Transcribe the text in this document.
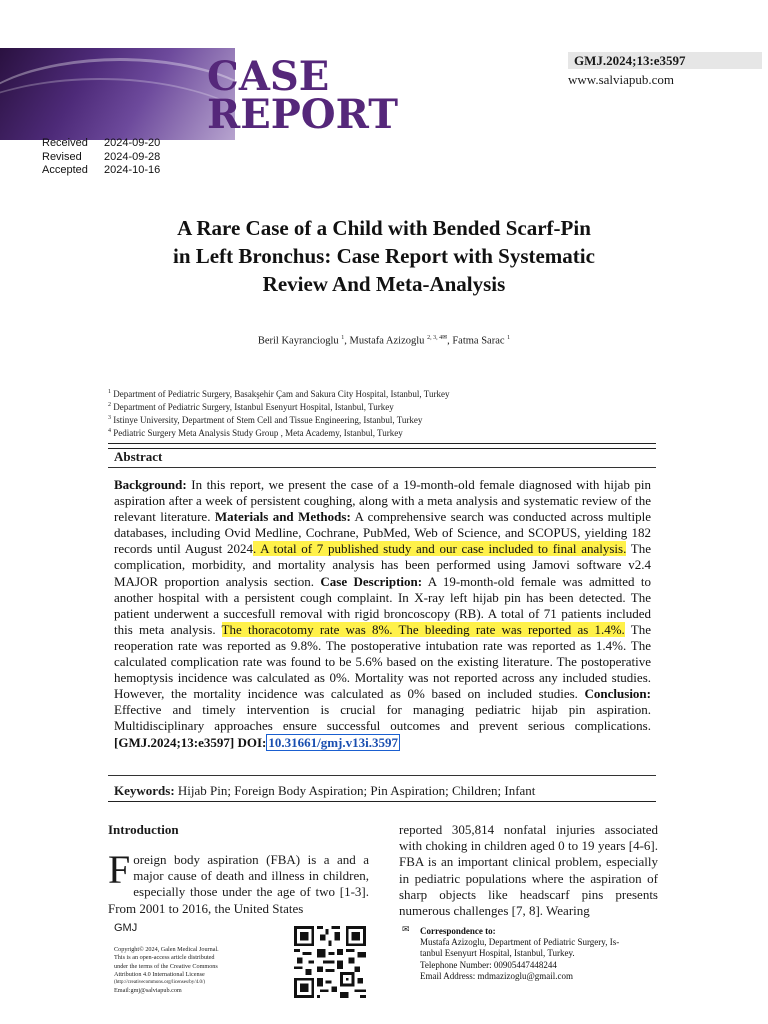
CASE
REPORT
GMJ.2024;13:e3597
www.salviapub.com
Received	2024-09-20
Revised	2024-09-28
Accepted	2024-10-16
A Rare Case of a Child with Bended Scarf-Pin
in Left Bronchus: Case Report with Systematic
Review And Meta-Analysis
Beril Kayrancioglu $^1$, Mustafa Azizoglu $^{2, 3, 4✉}$, Fatma Sarac $^1$
$^1$ Department of Pediatric Surgery, Basakşehir Çam and Sakura City Hospital, Istanbul, Turkey
$^2$ Department of Pediatric Surgery, Istanbul Esenyurt Hospital, Istanbul, Turkey
$^3$ Istinye University, Department of Stem Cell and Tissue Engineering, Istanbul, Turkey
$^4$ Pediatric Surgery Meta Analysis Study Group , Meta Academy, Istanbul, Turkey
Abstract
Background: In this report, we present the case of a 19-month-old female diagnosed with hijab pin aspiration after a week of persistent coughing, along with a meta analysis and systematic review of the relevant literature. Materials and Methods: A comprehensive search was conducted across multiple databases, including Ovid Medline, Cochrane, PubMed, Web of Science, and SCOPUS, yielding 182 records until August 2024. A total of 7 published study and our case included to final analysis. The complication, morbidity, and mortality analysis has been performed using Jamovi software v2.4 MAJOR proportion analysis section. Case Description: A 19-month-old female was admitted to another hospital with a persistent cough complaint. In X-ray left hijab pin has been detected. The patient underwent a succesfull removal with rigid broncoscopy (RB). A total of 71 patients included this meta analysis. The thoracotomy rate was 8%. The bleeding rate was reported as 1.4%. The reoperation rate was reported as 9.8%. The postoperative intubation rate was reported as 1.4%. The calculated complication rate was found to be 5.6% based on the existing literature. The postoperative hemoptysis incidence was calculated as 0%. Mortality was not reported across any included studies. However, the mortality incidence was calculated as 0% based on included studies. Conclusion: Effective and timely intervention is crucial for managing pediatric hijab pin aspiration. Multidisciplinary approaches ensure successful outcomes and prevent serious complications.[GMJ.2024;13:e3597] DOI: 10.31661/gmj.v13i.3597
Keywords: Hijab Pin; Foreign Body Aspiration; Pin Aspiration; Children; Infant
Introduction
Foreign body aspiration (FBA) is a and a major cause of death and illness in children, especially those under the age of two [1-3]. From 2001 to 2016, the United States
reported 305,814 nonfatal injuries associated with choking in children aged 0 to 19 years [4-6]. FBA is an important clinical problem, especially in pediatric populations where the aspiration of sharp objects like headscarf pins presents numerous challenges [7, 8]. Wearing
GMJ
Copyright© 2024, Galen Medical Journal.
This is an open-access article distributed
under the terms of the Creative Commons
Attribution 4.0 International License
(http://creativecommons.org/licenses/by/4.0/)
Email:gmj@salviapub.com
✉ Correspondence to:
Mustafa Azizoglu, Department of Pediatric Surgery, Is-
tanbul Esenyurt Hospital, Istanbul, Turkey.
Telephone Number: 00905447448244
Email Address: mdmazizoglu@gmail.com
